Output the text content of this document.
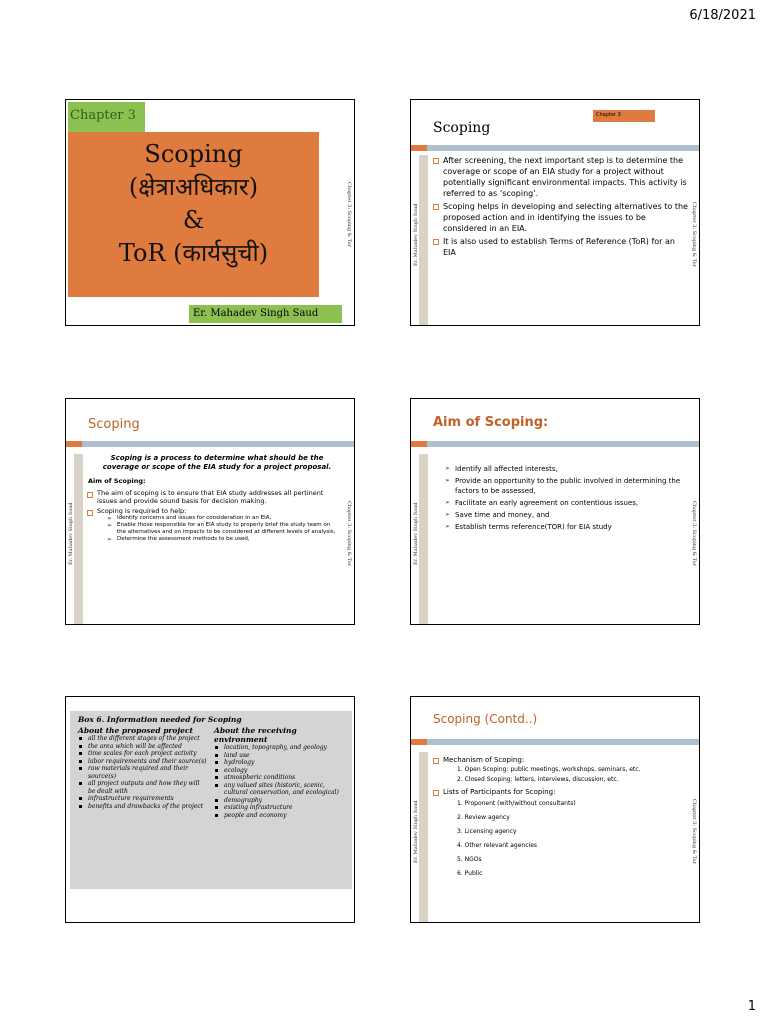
6/18/2021
Chapter 3
Scoping
(क्षेत्राअधिकार)
&
ToR (कार्यसुची)
Chapter 3: Scoping & Tor
Er. Mahadev Singh Saud
Scoping
Chapter 3
Er. Mahadev Singh Saud	Chapter 3: Scoping & Tor
After screening, the next important step is to determine the coverage or scope of an EIA study for a project without potentially significant environmental impacts. This activity is referred to as ‘scoping’.
Scoping helps in developing and selecting alternatives to the proposed action and in identifying the issues to be considered in an EIA.
It is also used to establish Terms of Reference (ToR) for an EIA
Scoping
Er. Mahadev Singh Saud	Chapter 3: Scoping & Tor
Scoping is a process to determine what should be the coverage or scope of the EIA study for a project proposal.
Aim of Scoping:
The aim of scoping is to ensure that EIA study addresses all pertinent issues and provide sound basis for decision making.
Scoping is required to help:
➢ Identify concerns and issues for consideration in an EIA,
➢ Enable those responsible for an EIA study to properly brief the study team on the alternatives and on impacts to be considered at different levels of analysis,
➢ Determine the assessment methods to be used,
Aim of Scoping:
Er. Mahadev Singh Saud	Chapter 3: Scoping & Tor
➢ Identify all affected interests,
➢ Provide an opportunity to the public involved in determining the factors to be assessed,
➢ Facilitate an early agreement on contentious issues,
➢ Save time and money, and
➢ Establish terms reference(TOR) for EIA study
Box 6. Information needed for Scoping
About the proposed project
all the different stages of the project
the area which will be affected
time scales for each project activity
labor requirements and their source(s)
raw materials required and their source(s)
all project outputs and how they will be dealt with
infrastructure requirements
benefits and drawbacks of the project
About the receiving environment
location, topography, and geology
land use
hydrology
ecology
atmospheric conditions
any valued sites (historic, scenic, cultural conservation, and ecological)
demography
existing infrastructure
people and economy
Scoping (Contd..)
Er. Mahadev Singh Saud	Chapter 3: Scoping & Tor
Mechanism of Scoping:
1. Open Scoping: public meetings, workshops, seminars, etc.
2. Closed Scoping: letters, interviews, discussion, etc.
Lists of Participants for Scoping:
1. Proponent (with/without consultants)
2. Review agency
3. Licensing agency
4. Other relevant agencies
5. NGOs
6. Public
1
